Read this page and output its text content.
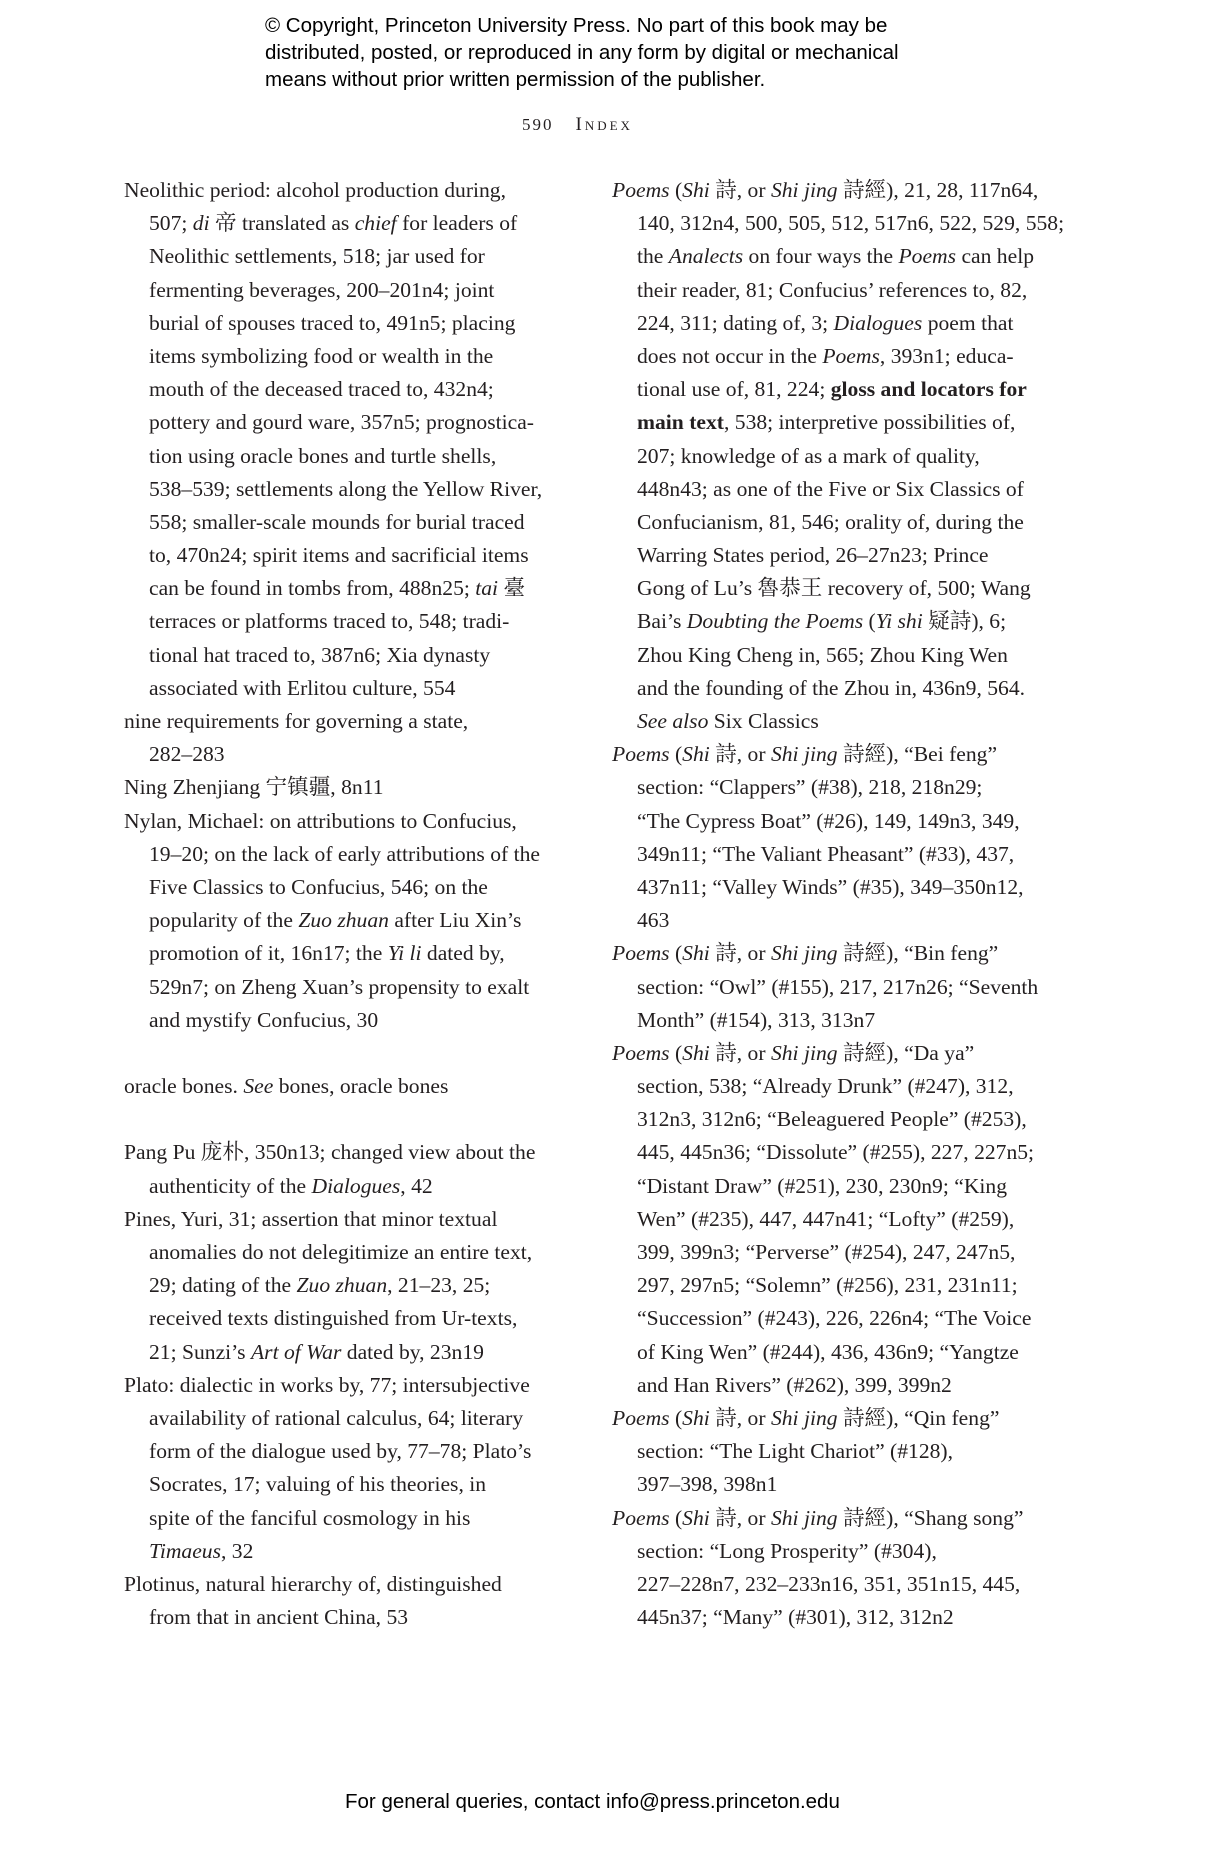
© Copyright, Princeton University Press. No part of this book may be
distributed, posted, or reproduced in any form by digital or mechanical
means without prior written permission of the publisher.
590 Index
Neolithic period: alcohol production during,
507; di 帝 translated as chief for leaders of
Neolithic settlements, 518; jar used for
fermenting beverages, 200–201n4; joint
burial of spouses traced to, 491n5; placing
items symbolizing food or wealth in the
mouth of the deceased traced to, 432n4;
pottery and gourd ware, 357n5; prognostica-
tion using oracle bones and turtle shells,
538–539; settlements along the Yellow River,
558; smaller-scale mounds for burial traced
to, 470n24; spirit items and sacrificial items
can be found in tombs from, 488n25; tai 臺
terraces or platforms traced to, 548; tradi-
tional hat traced to, 387n6; Xia dynasty
associated with Erlitou culture, 554
nine requirements for governing a state,
282–283
Ning Zhenjiang 宁镇疆, 8n11
Nylan, Michael: on attributions to Confucius,
19–20; on the lack of early attributions of the
Five Classics to Confucius, 546; on the
popularity of the Zuo zhuan after Liu Xin’s
promotion of it, 16n17; the Yi li dated by,
529n7; on Zheng Xuan’s propensity to exalt
and mystify Confucius, 30
oracle bones. See bones, oracle bones
Pang Pu 庞朴, 350n13; changed view about the
authenticity of the Dialogues, 42
Pines, Yuri, 31; assertion that minor textual
anomalies do not delegitimize an entire text,
29; dating of the Zuo zhuan, 21–23, 25;
received texts distinguished from Ur-texts,
21; Sunzi’s Art of War dated by, 23n19
Plato: dialectic in works by, 77; intersubjective
availability of rational calculus, 64; literary
form of the dialogue used by, 77–78; Plato’s
Socrates, 17; valuing of his theories, in
spite of the fanciful cosmology in his
Timaeus, 32
Plotinus, natural hierarchy of, distinguished
from that in ancient China, 53
Poems (Shi 詩, or Shi jing 詩經), 21, 28, 117n64,
140, 312n4, 500, 505, 512, 517n6, 522, 529, 558;
the Analects on four ways the Poems can help
their reader, 81; Confucius’ references to, 82,
224, 311; dating of, 3; Dialogues poem that
does not occur in the Poems, 393n1; educa-
tional use of, 81, 224; gloss and locators for
main text, 538; interpretive possibilities of,
207; knowledge of as a mark of quality,
448n43; as one of the Five or Six Classics of
Confucianism, 81, 546; orality of, during the
Warring States period, 26–27n23; Prince
Gong of Lu’s 魯恭王 recovery of, 500; Wang
Bai’s Doubting the Poems (Yi shi 疑詩), 6;
Zhou King Cheng in, 565; Zhou King Wen
and the founding of the Zhou in, 436n9, 564.
See also Six Classics
Poems (Shi 詩, or Shi jing 詩經), “Bei feng”
section: “Clappers” (#38), 218, 218n29;
“The Cypress Boat” (#26), 149, 149n3, 349,
349n11; “The Valiant Pheasant” (#33), 437,
437n11; “Valley Winds” (#35), 349–350n12,
463
Poems (Shi 詩, or Shi jing 詩經), “Bin feng”
section: “Owl” (#155), 217, 217n26; “Seventh
Month” (#154), 313, 313n7
Poems (Shi 詩, or Shi jing 詩經), “Da ya”
section, 538; “Already Drunk” (#247), 312,
312n3, 312n6; “Beleaguered People” (#253),
445, 445n36; “Dissolute” (#255), 227, 227n5;
“Distant Draw” (#251), 230, 230n9; “King
Wen” (#235), 447, 447n41; “Lofty” (#259),
399, 399n3; “Perverse” (#254), 247, 247n5,
297, 297n5; “Solemn” (#256), 231, 231n11;
“Succession” (#243), 226, 226n4; “The Voice
of King Wen” (#244), 436, 436n9; “Yangtze
and Han Rivers” (#262), 399, 399n2
Poems (Shi 詩, or Shi jing 詩經), “Qin feng”
section: “The Light Chariot” (#128),
397–398, 398n1
Poems (Shi 詩, or Shi jing 詩經), “Shang song”
section: “Long Prosperity” (#304),
227–228n7, 232–233n16, 351, 351n15, 445,
445n37; “Many” (#301), 312, 312n2
For general queries, contact info@press.princeton.edu
